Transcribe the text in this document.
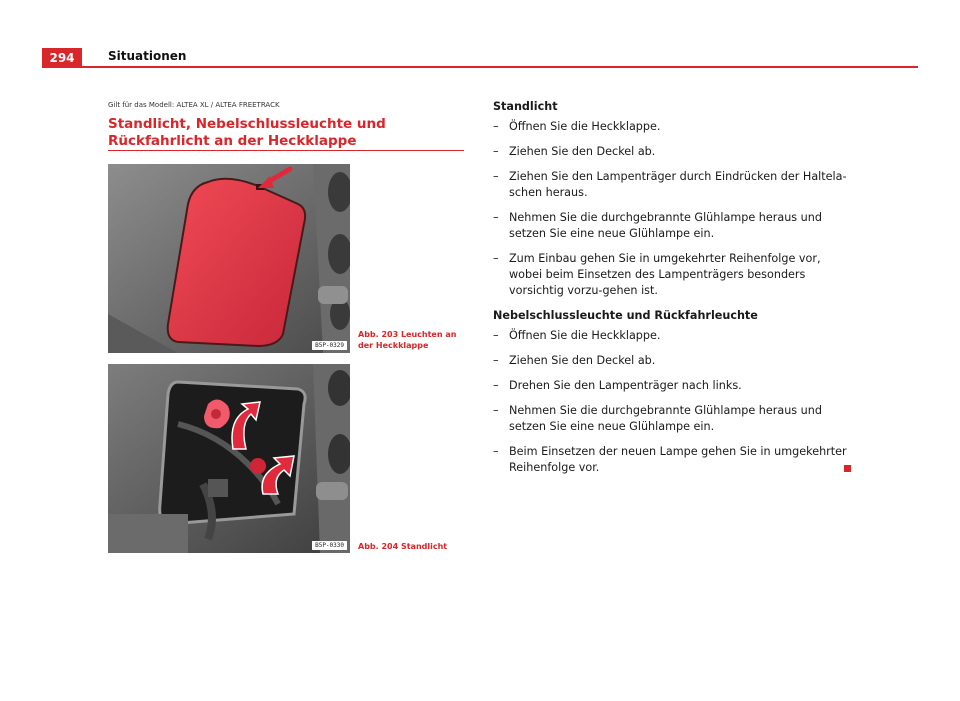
294	Situationen
Gilt für das Modell: ALTEA XL / ALTEA FREETRACK
Standlicht, Nebelschlussleuchte und Rückfahrlicht an der Heckklappe
B5P-0329
Abb. 203 Leuchten an der Heckklappe
B5P-0330	Abb. 204 Standlicht
Standlicht
– Öffnen Sie die Heckklappe.
– Ziehen Sie den Deckel ab.
– Ziehen Sie den Lampenträger durch Eindrücken der Haltela-schen heraus.
– Nehmen Sie die durchgebrannte Glühlampe heraus und setzen Sie eine neue Glühlampe ein.
– Zum Einbau gehen Sie in umgekehrter Reihenfolge vor, wobei beim Einsetzen des Lampenträgers besonders vorsichtig vorzu-gehen ist.
Nebelschlussleuchte und Rückfahrleuchte
– Öffnen Sie die Heckklappe.
– Ziehen Sie den Deckel ab.
– Drehen Sie den Lampenträger nach links.
– Nehmen Sie die durchgebrannte Glühlampe heraus und setzen Sie eine neue Glühlampe ein.
– Beim Einsetzen der neuen Lampe gehen Sie in umgekehrter Reihenfolge vor.
